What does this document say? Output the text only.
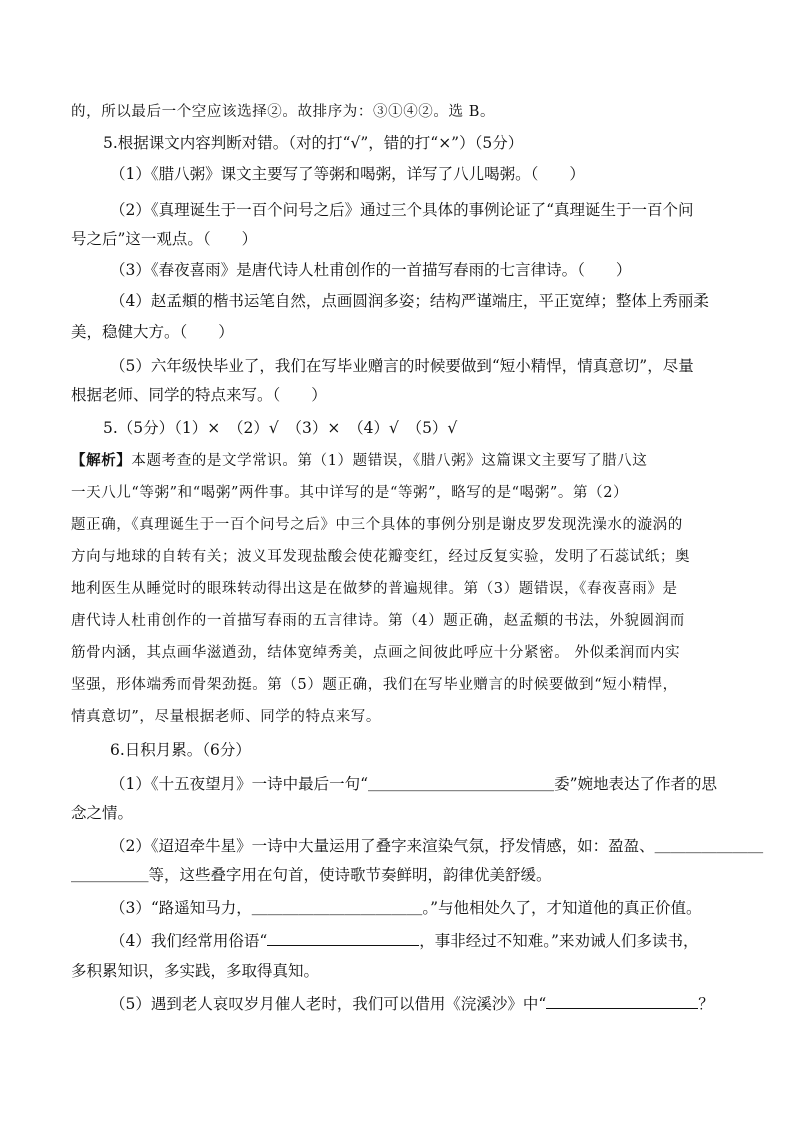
的，所以最后一个空应该选择②。故排序为：③①④②。选 B。
5.根据课文内容判断对错。（对的打“√”，错的打“×”）（5分）
（1）《腊八粥》课文主要写了等粥和喝粥，详写了八儿喝粥。（　　）
（2）《真理诞生于一百个问号之后》通过三个具体的事例论证了“真理诞生于一百个问
号之后”这一观点。（　　）
（3）《春夜喜雨》是唐代诗人杜甫创作的一首描写春雨的七言律诗。（　　）
（4）赵孟頫的楷书运笔自然，点画圆润多姿；结构严谨端庄，平正宽绰；整体上秀丽柔
美，稳健大方。（　　）
（5）六年级快毕业了，我们在写毕业赠言的时候要做到“短小精悍，情真意切”，尽量
根据老师、同学的特点来写。（　　）
5.（5分）（1）×　（2）√　（3）×　（4）√　（5）√
【解析】本题考查的是文学常识。第（1）题错误，《腊八粥》这篇课文主要写了腊八这
一天八儿“等粥”和“喝粥”两件事。其中详写的是“等粥”，略写的是“喝粥”。第（2）
题正确，《真理诞生于一百个问号之后》中三个具体的事例分别是谢皮罗发现洗澡水的漩涡的
方向与地球的自转有关；波义耳发现盐酸会使花瓣变红，经过反复实验，发明了石蕊试纸；奥
地利医生从睡觉时的眼珠转动得出这是在做梦的普遍规律。第（3）题错误，《春夜喜雨》是
唐代诗人杜甫创作的一首描写春雨的五言律诗。第（4）题正确，赵孟頫的书法，外貌圆润而
筋骨内涵，其点画华滋遒劲，结体宽绰秀美，点画之间彼此呼应十分紧密。 外似柔润而内实
坚强，形体端秀而骨架劲挺。第（5）题正确，我们在写毕业赠言的时候要做到“短小精悍，
情真意切”，尽量根据老师、同学的特点来写。
6.日积月累。（6分）
（1）《十五夜望月》一诗中最后一句“＿＿＿＿＿＿＿＿＿＿＿＿委”婉地表达了作者的思
念之情。
（2）《迢迢牵牛星》一诗中大量运用了叠字来渲染气氛，抒发情感，如：盈盈、＿＿＿＿＿＿＿
＿＿＿＿＿等，这些叠字用在句首，使诗歌节奏鲜明，韵律优美舒缓。
（3）“路遥知马力，＿＿＿＿＿＿＿＿＿＿＿。”与他相处久了，才知道他的真正价值。
（4）我们经常用俗语“	，事非经过不知难。”来劝诫人们多读书，
多积累知识，多实践，多取得真知。
（5）遇到老人哀叹岁月催人老时，我们可以借用《浣溪沙》中“	？
